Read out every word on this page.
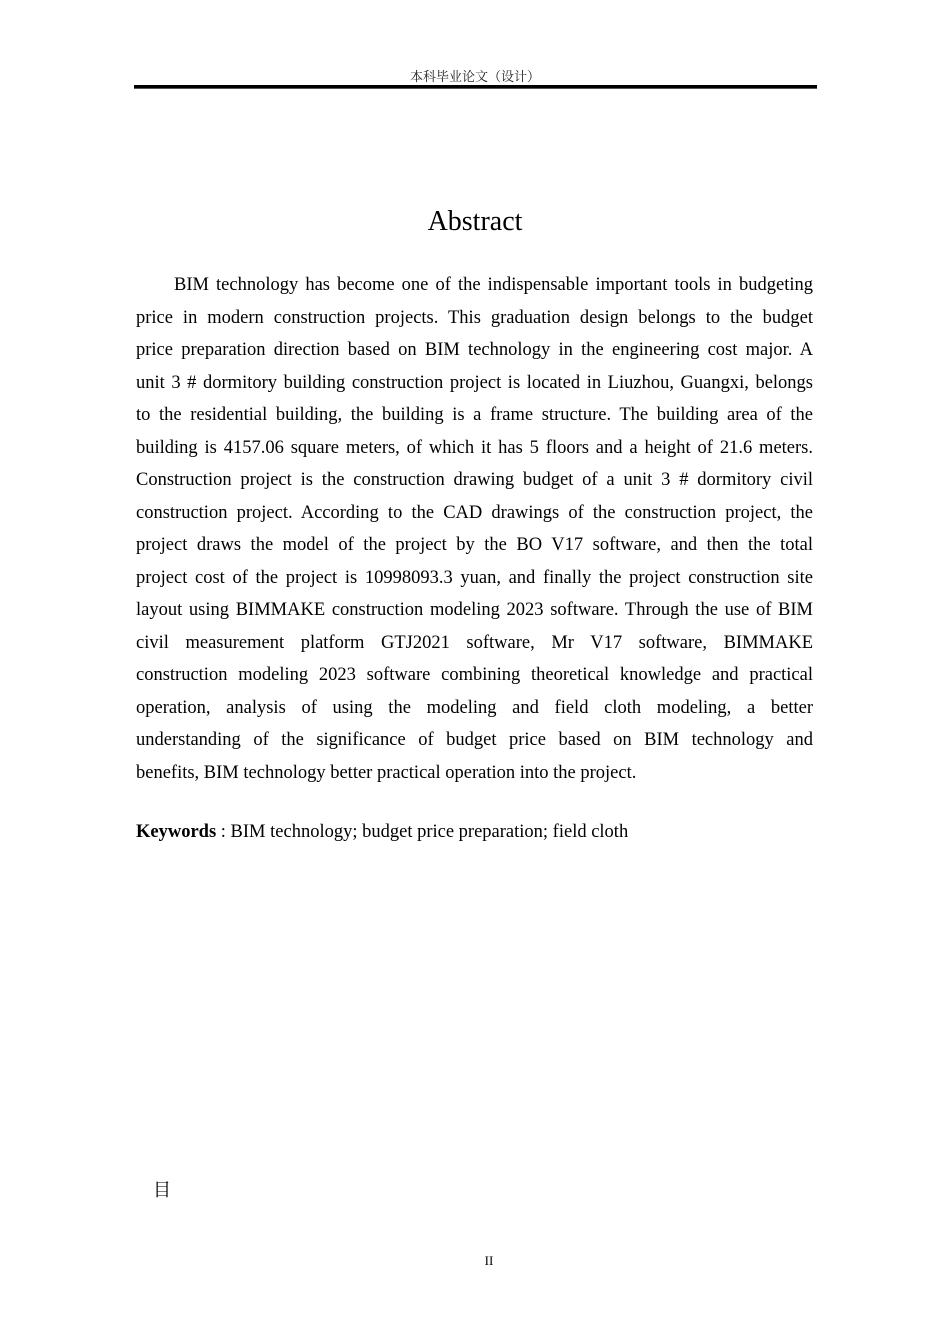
本科毕业论文（设计）
Abstract
BIM technology has become one of the indispensable important tools in budgeting
price in modern construction projects. This graduation design belongs to the budget
price preparation direction based on BIM technology in the engineering cost major. A
unit 3 # dormitory building construction project is located in Liuzhou, Guangxi, belongs
to the residential building, the building is a frame structure. The building area of the
building is 4157.06 square meters, of which it has 5 floors and a height of 21.6 meters.
Construction project is the construction drawing budget of a unit 3 # dormitory civil
construction project. According to the CAD drawings of the construction project, the
project draws the model of the project by the BO V17 software, and then the total
project cost of the project is 10998093.3 yuan, and finally the project construction site
layout using BIMMAKE construction modeling 2023 software. Through the use of BIM
civil measurement platform GTJ2021 software, Mr V17 software, BIMMAKE
construction modeling 2023 software combining theoretical knowledge and practical
operation, analysis of using the modeling and field cloth modeling, a better
understanding of the significance of budget price based on BIM technology and
benefits, BIM technology better practical operation into the project.
Keywords : BIM technology; budget price preparation; field cloth
目
II
